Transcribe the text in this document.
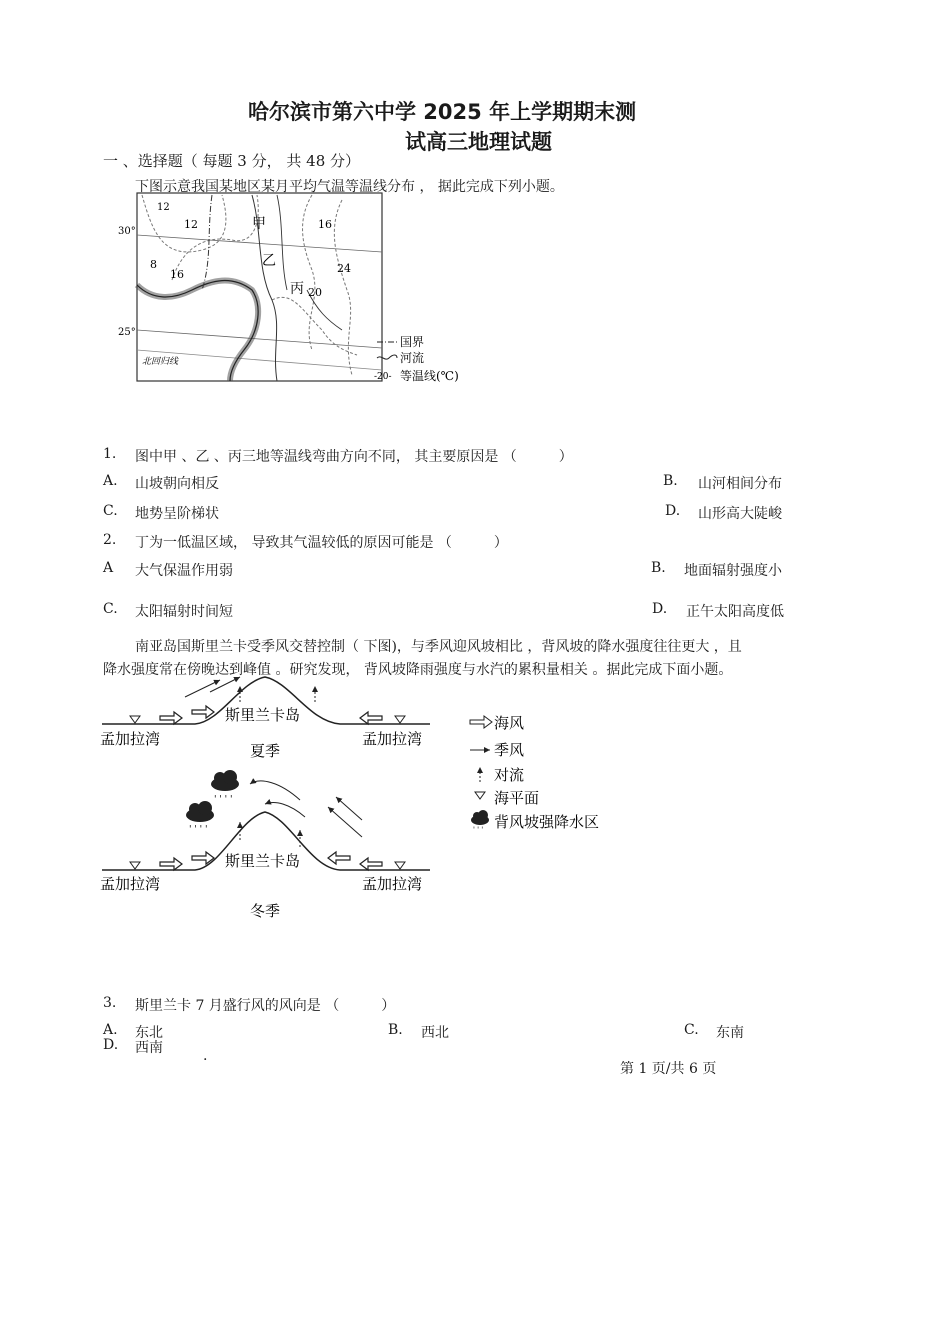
哈尔滨市第六中学 2025 年上学期期末测
试高三地理试题
一 、选择题（ 每题 3 分， 共 48 分）
下图示意我国某地区某月平均气温等温线分布 ， 据此完成下列小题。
30°
25°
12
12	16
8
16	24
20
甲
乙
丙
北回归线
国界
河流
-20- 等温线(℃)
1. 图中甲 、乙 、丙三地等温线弯曲方向不同， 其主要原因是 （　　　）
A. 山坡朝向相反	B. 山河相间分布
C. 地势呈阶梯状	D. 山形高大陡峻
2. 丁为一低温区域， 导致其气温较低的原因可能是 （　　　）
A 大气保温作用弱	B. 地面辐射强度小
C. 太阳辐射时间短	D. 正午太阳高度低
南亚岛国斯里兰卡受季风交替控制（ 下图)，与季风迎风坡相比 ，背风坡的降水强度往往更大 ，且
降水强度常在傍晚达到峰值 。研究发现， 背风坡降雨强度与水汽的累积量相关 。据此完成下面小题。
斯里兰卡岛
孟加拉湾	孟加拉湾
夏季
' ' ' '
' ' ' '
斯里兰卡岛
孟加拉湾	孟加拉湾
冬季
海风
季风
对流
海平面
' ' ' 背风坡强降水区
3. 斯里兰卡 7 月盛行风的风向是 （　　　）
A. 东北	B. 西北	C. 东南
D. 西南	.
第 1 页/共 6 页
